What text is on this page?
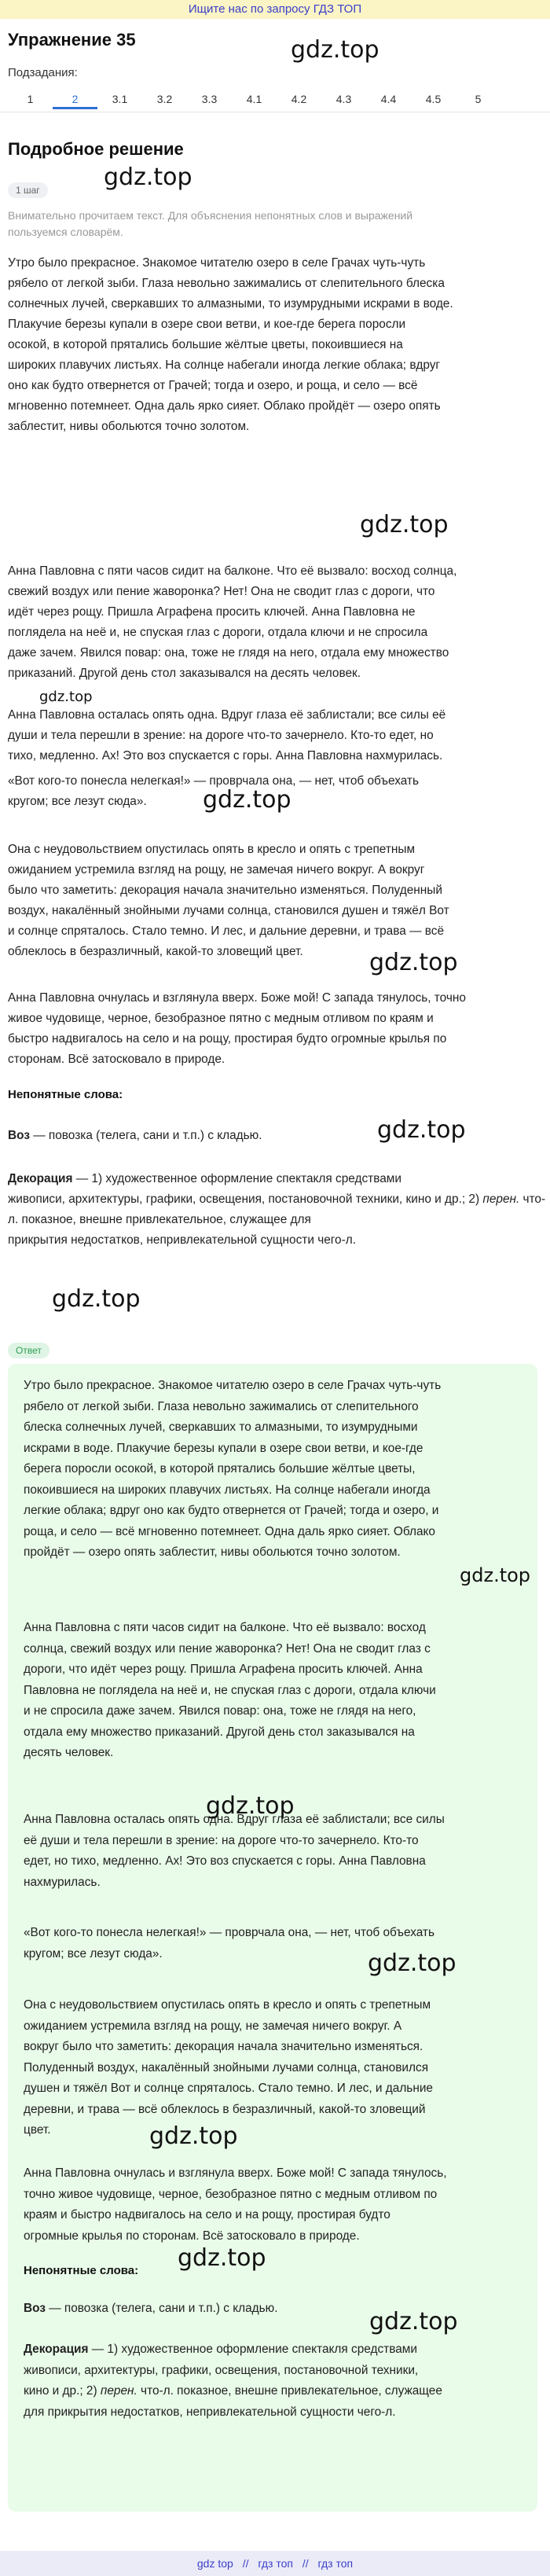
Ищите нас по запросу ГДЗ ТОП
Упражнение 35	gdz.top
Подзадания:
1	2	3.1	3.2	3.3	4.1	4.2	4.3	4.4	4.5	5
Подробное решение
gdz.top
1 шаг
Внимательно прочитаем текст. Для объяснения непонятных слов и выражений
пользуемся словарём.
Утро было прекрасное. Знакомое читателю озеро в селе Грачах чуть-чуть
рябело от легкой зыби. Глаза невольно зажимались от слепительного блеска
солнечных лучей, сверкавших то алмазными, то изумрудными искрами в воде.
Плакучие березы купали в озере свои ветви, и кое-где берега поросли
осокой, в которой прятались большие жёлтые цветы, покоившиеся на
широких плавучих листьях. На солнце набегали иногда легкие облака; вдруг
оно как будто отвернется от Грачей; тогда и озеро, и роща, и село — всё
мгновенно потемнеет. Одна даль ярко сияет. Облако пройдёт — озеро опять
заблестит, нивы обольются точно золотом.
gdz.top
Анна Павловна с пяти часов сидит на балконе. Что её вызвало: восход солнца,
свежий воздух или пение жаворонка? Нет! Она не сводит глаз с дороги, что
идёт через рощу. Пришла Аграфена просить ключей. Анна Павловна не
поглядела на неё и, не спуская глаз с дороги, отдала ключи и не спросила
даже зачем. Явился повар: она, тоже не глядя на него, отдала ему множество
приказаний. Другой день стол заказывался на десять человек.
gdz.top
Анна Павловна осталась опять одна. Вдруг глаза её заблистали; все силы её
души и тела перешли в зрение: на дороге что-то зачернело. Кто-то едет, но
тихо, медленно. Ах! Это воз спускается с горы. Анна Павловна нахмурилась.
«Вот кого-то понесла нелегкая!» — проврчала она, — нет, чтоб объехать
кругом; все лезут сюда».	gdz.top
Она с неудовольствием опустилась опять в кресло и опять с трепетным
ожиданием устремила взгляд на рощу, не замечая ничего вокруг. А вокруг
было что заметить: декорация начала значительно изменяться. Полуденный
воздух, накалённый знойными лучами солнца, становился душен и тяжёл Вот
и солнце спряталось. Стало темно. И лес, и дальние деревни, и трава — всё
облеклось в безразличный, какой-то зловещий цвет.	gdz.top
Анна Павловна очнулась и взглянула вверх. Боже мой! С запада тянулось, точно
живое чудовище, черное, безобразное пятно с медным отливом по краям и
быстро надвигалось на село и на рощу, простирая будто огромные крылья по
сторонам. Всё затосковало в природе.
Непонятные слова:
gdz.top
Воз — повозка (телега, сани и т.п.) с кладью.
Декорация — 1) художественное оформление спектакля средствами
живописи, архитектуры, графики, освещения, постановочной техники, кино и др.; 2) перен. что-л. показное, внешне привлекательное, служащее для
прикрытия недостатков, непривлекательной сущности чего-л.
Ответ
gdz.top
Утро было прекрасное. Знакомое читателю озеро в селе Грачах чуть-чуть
рябело от легкой зыби. Глаза невольно зажимались от слепительного
блеска солнечных лучей, сверкавших то алмазными, то изумрудными
искрами в воде. Плакучие березы купали в озере свои ветви, и кое-где
берега поросли осокой, в которой прятались большие жёлтые цветы,
покоившиеся на широких плавучих листьях. На солнце набегали иногда
легкие облака; вдруг оно как будто отвернется от Грачей; тогда и озеро, и
роща, и село — всё мгновенно потемнеет. Одна даль ярко сияет. Облако
пройдёт — озеро опять заблестит, нивы обольются точно золотом.
gdz.top
Анна Павловна с пяти часов сидит на балконе. Что её вызвало: восход
солнца, свежий воздух или пение жаворонка? Нет! Она не сводит глаз с
дороги, что идёт через рощу. Пришла Аграфена просить ключей. Анна
Павловна не поглядела на неё и, не спуская глаз с дороги, отдала ключи
и не спросила даже зачем. Явился повар: она, тоже не глядя на него,
отдала ему множество приказаний. Другой день стол заказывался на
десять человек.
Анна Павловна осталась опять одна. Вдруг глаза её заблистали; все силы
её души и тела перешли в зрение: на дороге что-то зачернело. Кто-то
едет, но тихо, медленно. Ах! Это воз спускается с горы. Анна Павловна
нахмурилась.
gdz.top
«Вот кого-то понесла нелегкая!» — проврчала она, — нет, чтоб объехать
кругом; все лезут сюда».	gdz.top
Она с неудовольствием опустилась опять в кресло и опять с трепетным
ожиданием устремила взгляд на рощу, не замечая ничего вокруг. А
вокруг было что заметить: декорация начала значительно изменяться.
Полуденный воздух, накалённый знойными лучами солнца, становился
душен и тяжёл Вот и солнце спряталось. Стало темно. И лес, и дальние
деревни, и трава — всё облеклось в безразличный, какой-то зловещий
цвет.	gdz.top
Анна Павловна очнулась и взглянула вверх. Боже мой! С запада тянулось,
точно живое чудовище, черное, безобразное пятно с медным отливом по
краям и быстро надвигалось на село и на рощу, простирая будто
огромные крылья по сторонам. Всё затосковало в природе.
Непонятные слова: gdz.top
Воз — повозка (телега, сани и т.п.) с кладью.	gdz.top
Декорация — 1) художественное оформление спектакля средствами
живописи, архитектуры, графики, освещения, постановочной техники,
кино и др.; 2) перен. что-л. показное, внешне привлекательное, служащее
для прикрытия недостатков, непривлекательной сущности чего-л.
gdz top // гдз топ // гдз топ
